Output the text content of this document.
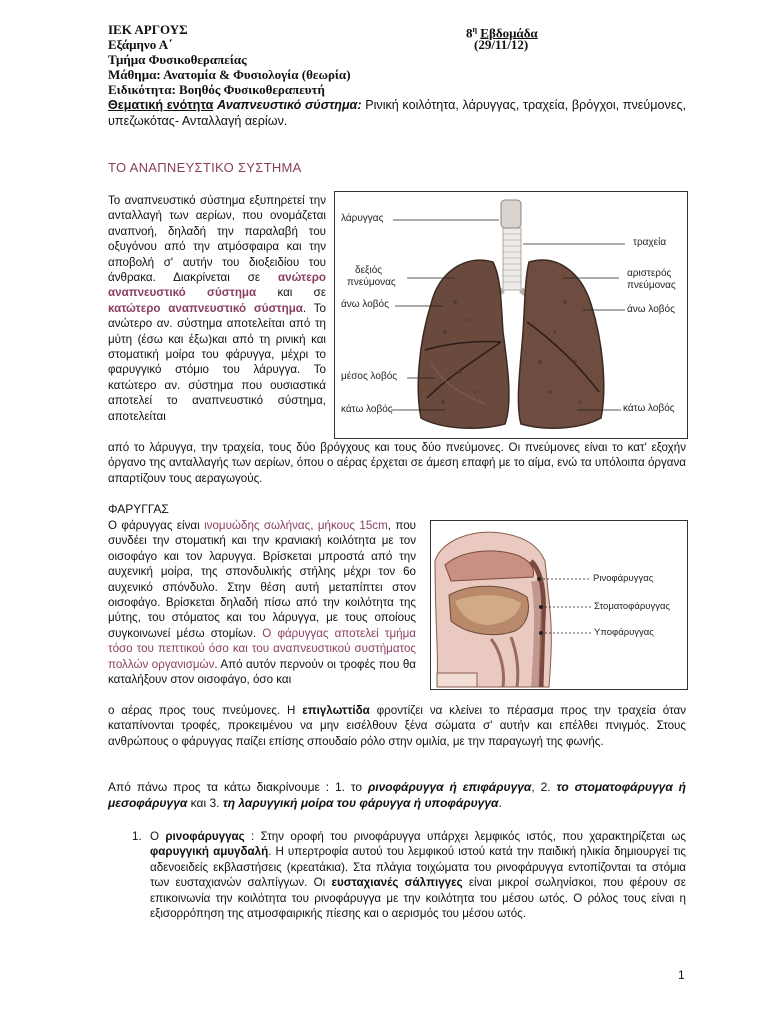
ΙΕΚ ΑΡΓΟΥΣ
Εξάμηνο Α΄
Τμήμα Φυσικοθεραπείας
Μάθημα: Ανατομία & Φυσιολογία (θεωρία)
Ειδικότητα: Βοηθός Φυσικοθεραπευτή
$8^\eta$ Εβδομάδα
(29/11/12)
Θεματική ενότητα Αναπνευστικό σύστημα: Ρινική κοιλότητα, λάρυγγας, τραχεία, βρόγχοι, πνεύμονες, υπεζωκότας- Ανταλλαγή αερίων.
ΤΟ ΑΝΑΠΝΕΥΣΤΙΚΟ ΣΥΣΤΗΜΑ
Το αναπνευστικό σύστημα εξυπηρετεί την ανταλλαγή των αερίων, που ονομάζεται αναπνοή, δηλαδή την παραλαβή του οξυγόνου από την ατμόσφαιρα και την αποβολή σ' αυτήν του διοξειδίου του άνθρακα. Διακρίνεται σε ανώτερο αναπνευστικό σύστημα και σε κατώτερο αναπνευστικό σύστημα. Το ανώτερο αν. σύστημα αποτελείται από τη μύτη (έσω και έξω)και από τη ρινική και στοματική μοίρα του φάρυγγα, μέχρι το φαρυγγικό στόμιο του λάρυγγα. Το κατώτερο αν. σύστημα που ουσιαστικά αποτελεί το αναπνευστικό σύστημα, αποτελείται
από το λάρυγγα, την τραχεία, τους δύο βρόγχους και τους δύο πνεύμονες. Οι πνεύμονες είναι το κατ' εξοχήν όργανο της ανταλλαγής των αερίων, όπου ο αέρας έρχεται σε άμεση επαφή με το αίμα, ενώ τα υπόλοιπα όργανα απαρτίζουν τους αεραγωγούς.
λάρυγγας
τραχεία
δεξιός
πνεύμονας
αριστερός
πνεύμονας
άνω λοβός	άνω λοβός
μέσος λοβός
κάτω λοβός	κάτω λοβός
ΦΑΡΥΓΓΑΣ
Ο φάρυγγας είναι ινομυώδης σωλήνας, μήκους 15cm, που συνδέει την στοματική και την κρανιακή κοιλότητα με τον οισοφάγο και τον λαρυγγα. Βρίσκεται μπροστά από την αυχενική μοίρα, της σπονδυλικής στήλης μέχρι τον 6ο αυχενικό σπόνδυλο. Στην θέση αυτή μεταπίπτει στον οισοφάγο. Βρίσκεται δηλαδή πίσω από την κοιλότητα της μύτης, του στόματος και του λάρυγγα, με τους οποίους συγκοινωνεί μέσω στομίων. Ο φάρυγγας αποτελεί τμήμα τόσο του πεπτικού όσο και του αναπνευστικού συστήματος πολλών οργανισμών. Από αυτόν περνούν οι τροφές που θα καταλήξουν στον οισοφάγο, όσο και
ο αέρας προς τους πνεύμονες. Η επιγλωττίδα φροντίζει να κλείνει το πέρασμα προς την τραχεία όταν καταπίνονται τροφές, προκειμένου να μην εισέλθουν ξένα σώματα σ' αυτήν και επέλθει πνιγμός. Στους ανθρώπους ο φάρυγγας παίζει επίσης σπουδαίο ρόλο στην ομιλία, με την παραγωγή της φωνής.
Ρινοφάρυγγας
Στοματοφάρυγγας
Υποφάρυγγας
Από πάνω προς τα κάτω διακρίνουμε : 1. το ρινοφάρυγγα ή επιφάρυγγα, 2. το στοματοφάρυγγα ή μεσοφάρυγγα και 3. τη λαρυγγική μοίρα του φάρυγγα ή υποφάρυγγα.
1. Ο ρινοφάρυγγας : Στην οροφή του ρινοφάρυγγα υπάρχει λεμφικός ιστός, που χαρακτηρίζεται ως φαρυγγική αμυγδαλή. Η υπερτροφία αυτού του λεμφικού ιστού κατά την παιδική ηλικία δημιουργεί τις αδενοειδείς εκβλαστήσεις (κρεατάκια). Στα πλάγια τοιχώματα του ρινοφάρυγγα εντοπίζονται τα στόμια των ευσταχιανών σαλπίγγων. Οι ευσταχιανές σάλπιγγες είναι μικροί σωληνίσκοι, που φέρουν σε επικοινωνία την κοιλότητα του ρινοφάρυγγα με την κοιλότητα του μέσου ωτός. Ο ρόλος τους είναι η εξισορρόπηση της ατμοσφαιρικής πίεσης και ο αερισμός του μέσου ωτός.
1
